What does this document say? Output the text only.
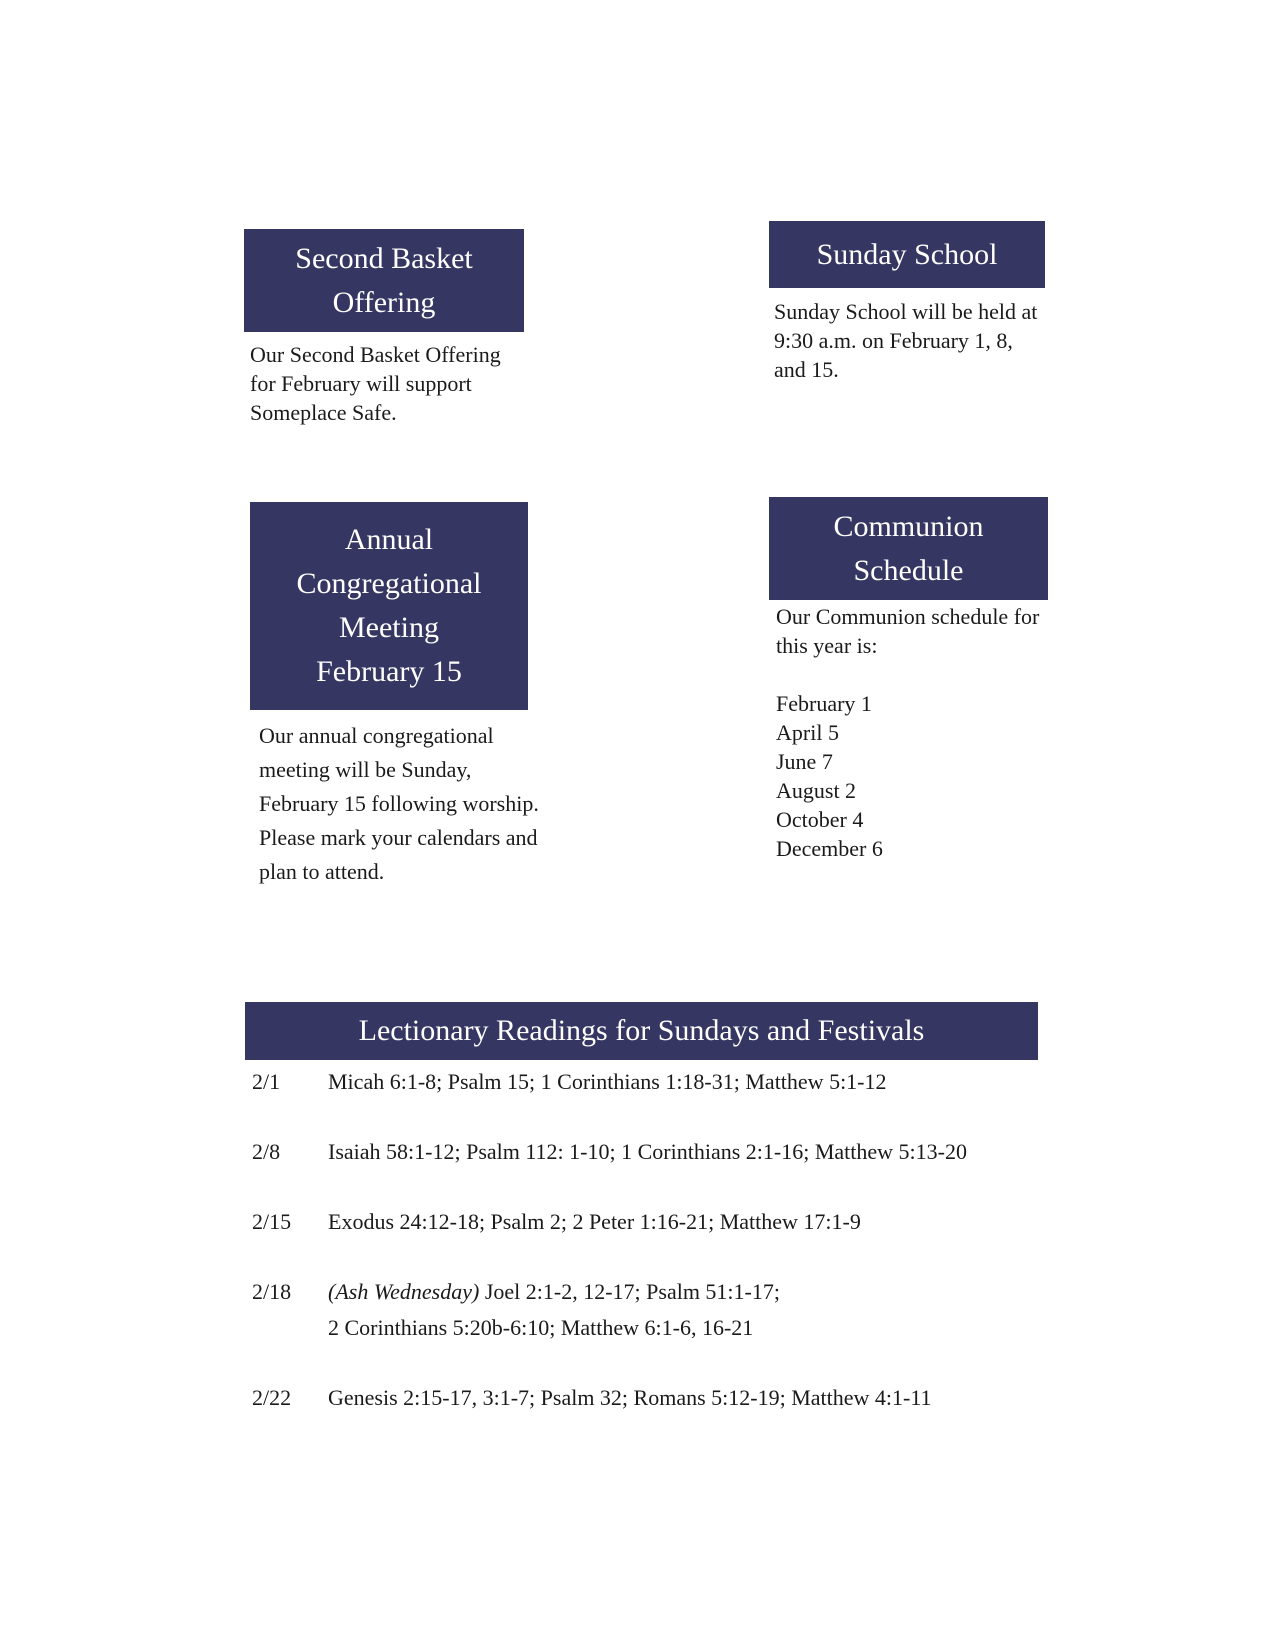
Second Basket
Offering

Our Second Basket Offering for February will support Someplace Safe.

Sunday School

Sunday School will be held at 9:30 a.m. on February 1, 8, and 15.

Annual
Congregational
Meeting
February 15

Our annual congregational meeting will be Sunday, February 15 following worship. Please mark your calendars and plan to attend.

Communion
Schedule

Our Communion schedule for this year is:

February 1
April 5
June 7
August 2
October 4
December 6
Lectionary Readings for Sundays and Festivals
2/1	Micah 6:1-8; Psalm 15; 1 Corinthians 1:18-31; Matthew 5:1-12
2/8	Isaiah 58:1-12; Psalm 112: 1-10; 1 Corinthians 2:1-16; Matthew 5:13-20
2/15	Exodus 24:12-18; Psalm 2; 2 Peter 1:16-21; Matthew 17:1-9
2/18	(Ash Wednesday) Joel 2:1-2, 12-17; Psalm 51:1-17;
2 Corinthians 5:20b-6:10; Matthew 6:1-6, 16-21
2/22	Genesis 2:15-17, 3:1-7; Psalm 32; Romans 5:12-19; Matthew 4:1-11
